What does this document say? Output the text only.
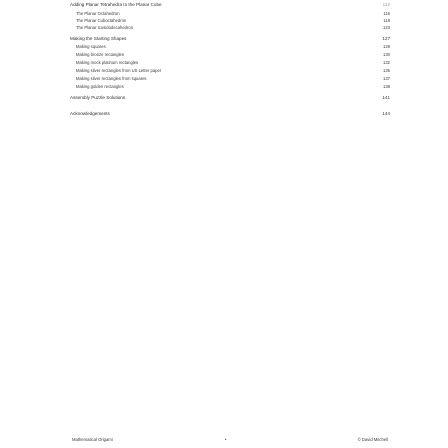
Adding Planar Tetrahedra to the Planar Cube	112
The Planar Octahedron	116
The Planar Cuboctahedron	118
The Planar Icosidodecahedron	123
Making the Starting Shapes	127
Making squares	128
Making bronze rectangles	130
Making mock platinum rectangles	132
Making silver rectangles from US Letter paper	135
Making silver rectangles from squares	137
Making golden rectangles	138
Assembly Puzzle Solutions	141
Acknowledgements	144
Mathematical Origami	•	© David Mitchell
